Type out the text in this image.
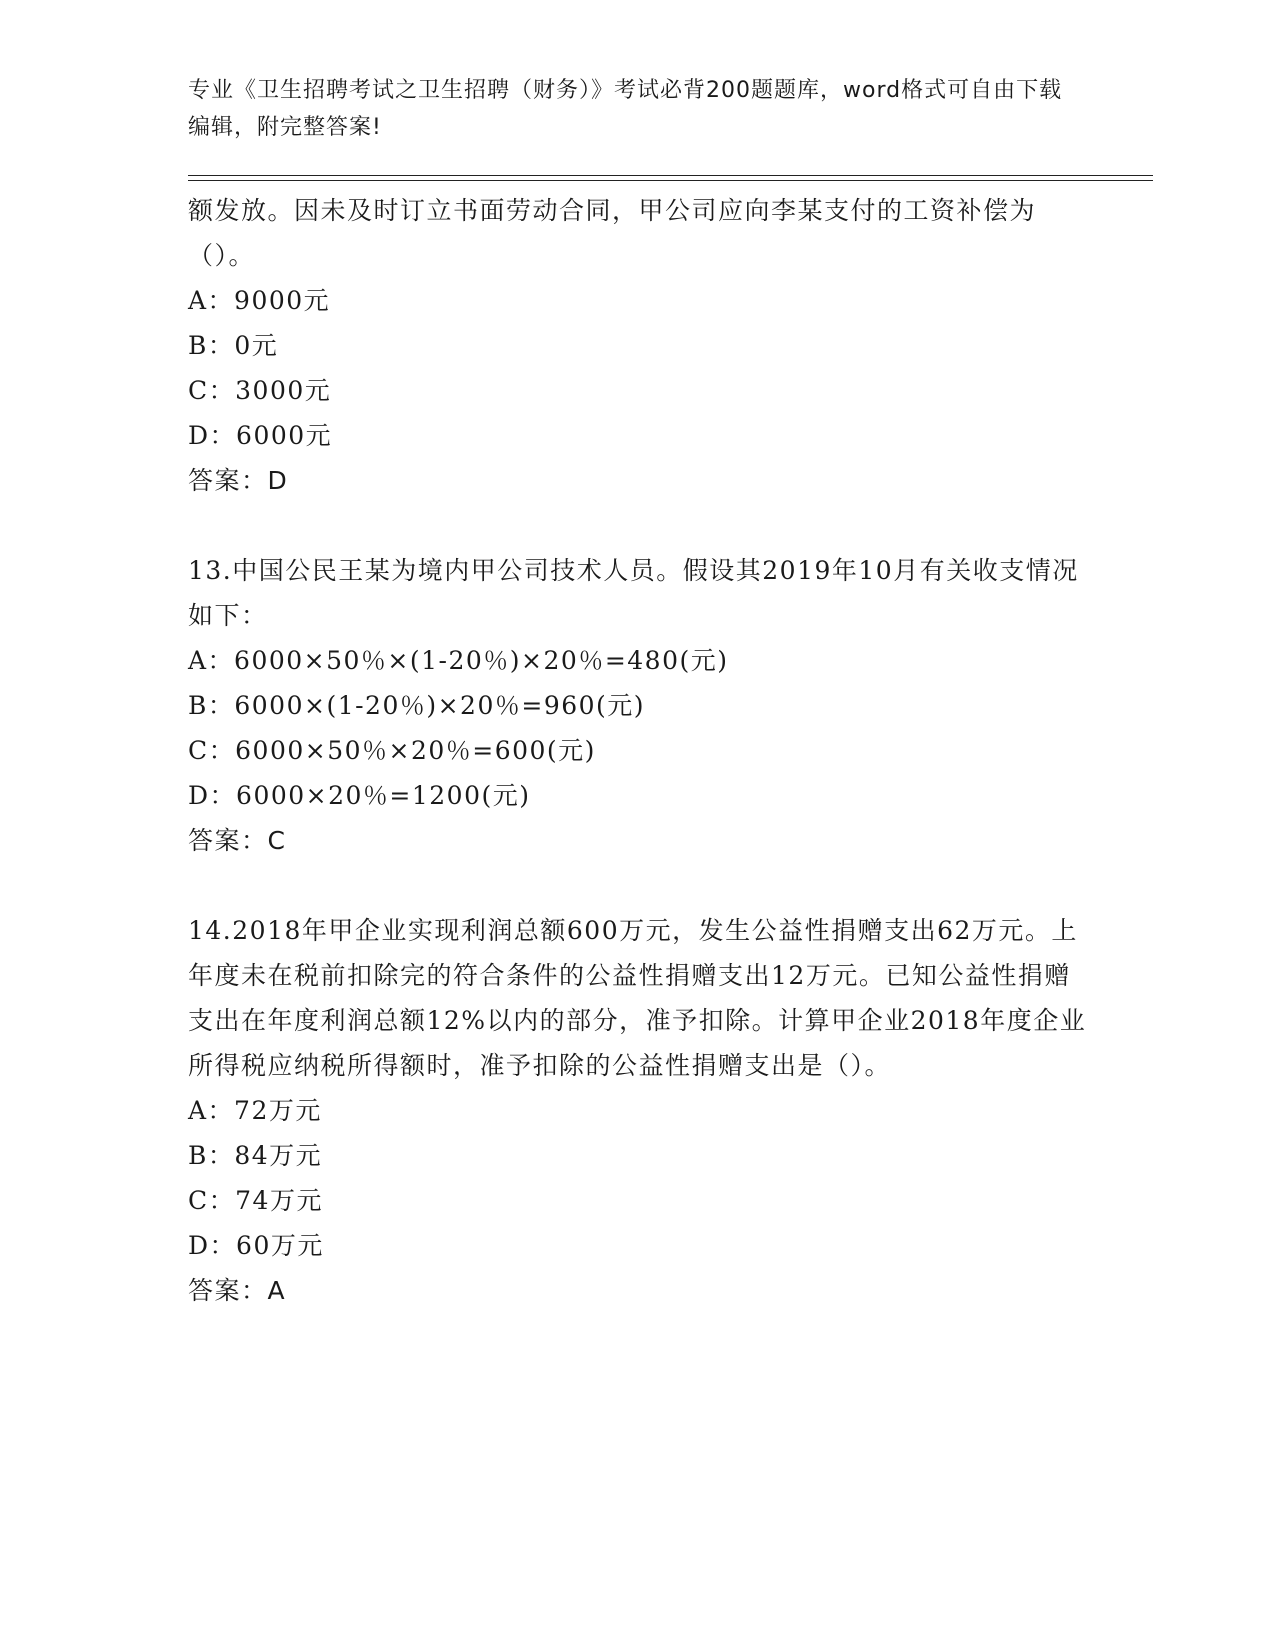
专业《卫生招聘考试之卫生招聘（财务）》考试必背200题题库，word格式可自由下载编辑，附完整答案!

额发放。因未及时订立书面劳动合同，甲公司应向李某支付的工资补偿为（）。

A：9000元

B：0元

C：3000元

D：6000元

答案：D

13.中国公民王某为境内甲公司技术人员。假设其2019年10月有关收支情况如下：

A：6000×50％×(1-20％)×20％=480(元)

B：6000×(1-20％)×20％=960(元)

C：6000×50％×20％=600(元)

D：6000×20％=1200(元)

答案：C

14.2018年甲企业实现利润总额600万元，发生公益性捐赠支出62万元。上年度未在税前扣除完的符合条件的公益性捐赠支出12万元。已知公益性捐赠支出在年度利润总额12%以内的部分，准予扣除。计算甲企业2018年度企业所得税应纳税所得额时，准予扣除的公益性捐赠支出是（）。

A：72万元

B：84万元

C：74万元

D：60万元

答案：A
